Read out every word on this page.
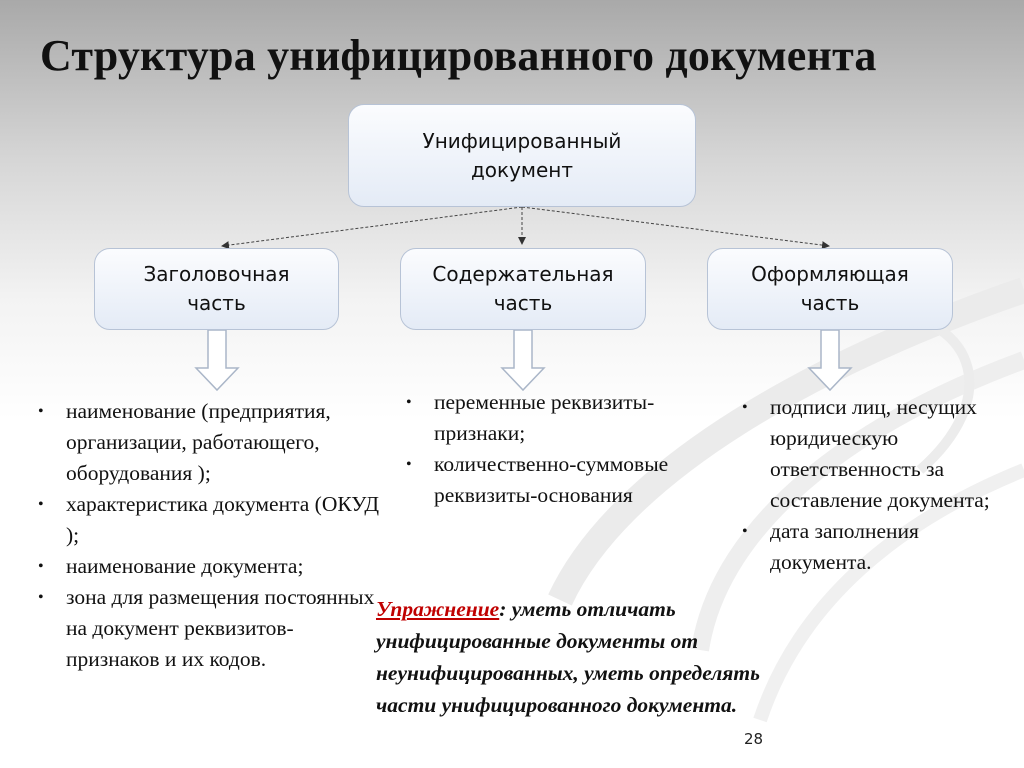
Структура унифицированного документа
Унифицированный
документ
Заголовочная
часть
Содержательная
часть
Оформляющая
часть
• наименование (предприятия, организации, работающего, оборудования );
• характеристика документа (ОКУД );
• наименование документа;
• зона для размещения постоянных на документ реквизитов-признаков и их кодов.
• переменные реквизиты-признаки;
• количественно-суммовые реквизиты-основания
• подписи лиц, несущих юридическую ответственность за составление документа;
• дата заполнения документа.
Упражнение: уметь отличать унифицированные документы от неунифицированных, уметь определять части унифицированного документа.
28
